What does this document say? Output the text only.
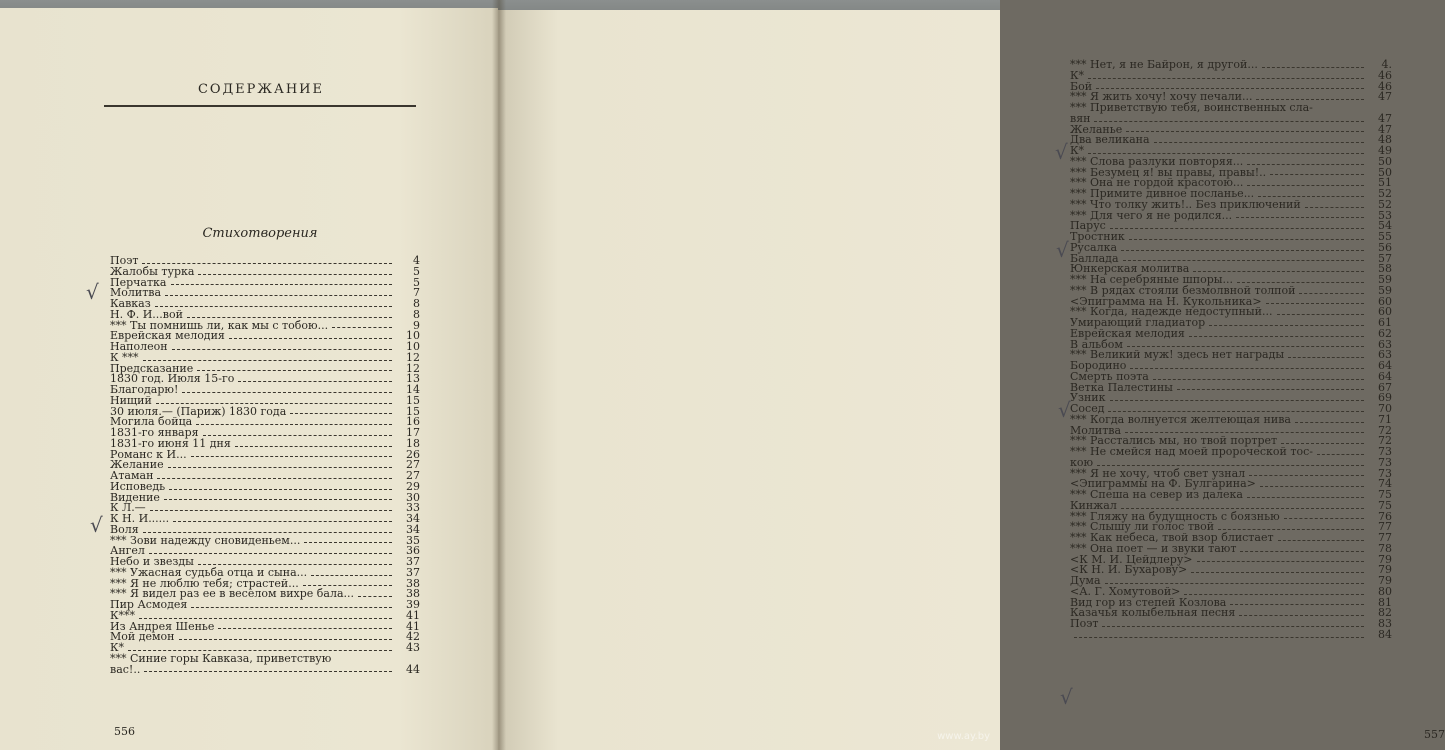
СОДЕРЖАНИЕ
Стихотворения
Поэт	4
Жалобы турка	5
Перчатка	5
Молитва	7
Кавказ	8
Н. Ф. И...вой	8
*** Ты помнишь ли, как мы с тобою...	9
Еврейская мелодия	10
Наполеон	10
К ***	12
Предсказание	12
1830 год. Июля 15-го	13
Благодарю!	14
Нищий	15
30 июля.— (Париж) 1830 года	15
Могила бойца	16
1831-го января	17
1831-го июня 11 дня	18
Романс к И...	26
Желание	27
Атаман	27
Исповедь	29
Видение	30
К Л.—	33
К Н. И......	34
Воля	34
*** Зови надежду сновиденьем...	35
Ангел	36
Небо и звезды	37
*** Ужасная судьба отца и сына...	37
*** Я не люблю тебя; страстей...	38
*** Я видел раз ее в веселом вихре бала...	38
Пир Асмодея	39
К***	41
Из Андрея Шенье	41
Мой демон	42
К*	43
*** Синие горы Кавказа, приветствую
вас!..	44
556
√
√
*** Нет, я не Байрон, я другой...	4.
К*	46
Бой	46
*** Я жить хочу! хочу печали...	47
*** Приветствую тебя, воинственных сла-
вян	47
Желанье	47
Два великана	48
К*	49
*** Слова разлуки повторяя...	50
*** Безумец я! вы правы, правы!..	50
*** Она не гордой красотою...	51
*** Примите дивное посланье...	52
*** Что толку жить!.. Без приключений	52
*** Для чего я не родился...	53
Парус	54
Тростник	55
Русалка	56
Баллада	57
Юнкерская молитва	58
*** На серебряные шпоры...	59
*** В рядах стояли безмолвной толпой	59
<Эпиграмма на Н. Кукольника>	60
*** Когда, надежде недоступный...	60
Умирающий гладиатор	61
Еврейская мелодия	62
В альбом	63
*** Великий муж! здесь нет награды	63
Бородино	64
Смерть поэта	64
Ветка Палестины	67
Узник	69
Сосед	70
*** Когда волнуется желтеющая нива	71
Молитва	72
*** Расстались мы, но твой портрет	72
*** Не смейся над моей пророческой тос-	73
кою	73
*** Я не хочу, чтоб свет узнал	73
<Эпиграммы на Ф. Булгарина>	74
*** Спеша на север из далека	75
Кинжал	75
*** Гляжу на будущность с боязнью	76
*** Слышу ли голос твой	77
*** Как небеса, твой взор блистает	77
*** Она поет — и звуки тают	78
<К М. И. Цейдлеру>	79
<К Н. И. Бухарову>	79
Дума	79
<А. Г. Хомутовой>	80
Вид гор из степей Козлова	81
Казачья колыбельная песня	82
Поэт	83
84
557
√
√
√
√
www.ay.by
